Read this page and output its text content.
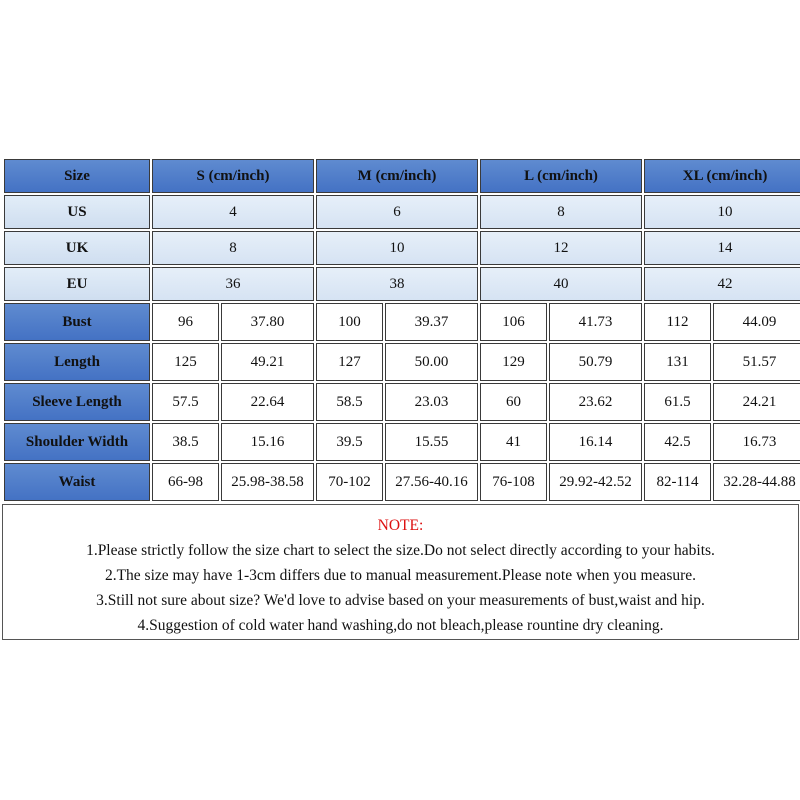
Size	S (cm/inch)		M (cm/inch)		L (cm/inch)		XL (cm/inch)	
US	4		6		8		10	
UK	8		10		12		14	
EU	36		38		40		42	
Bust	96	37.80	100	39.37	106	41.73	112	44.09
Length	125	49.21	127	50.00	129	50.79	131	51.57
Sleeve Length	57.5	22.64	58.5	23.03	60	23.62	61.5	24.21
Shoulder Width	38.5	15.16	39.5	15.55	41	16.14	42.5	16.73
Waist	66-98	25.98-38.58	70-102	27.56-40.16	76-108	29.92-42.52	82-114	32.28-44.88
NOTE:
1.Please strictly follow the size chart to select the size.Do not select directly according to your habits.
2.The size may have 1-3cm differs due to manual measurement.Please note when you measure.
3.Still not sure about size? We'd love to advise based on your measurements of bust,waist and hip.
4.Suggestion of cold water hand washing,do not bleach,please rountine dry cleaning.
